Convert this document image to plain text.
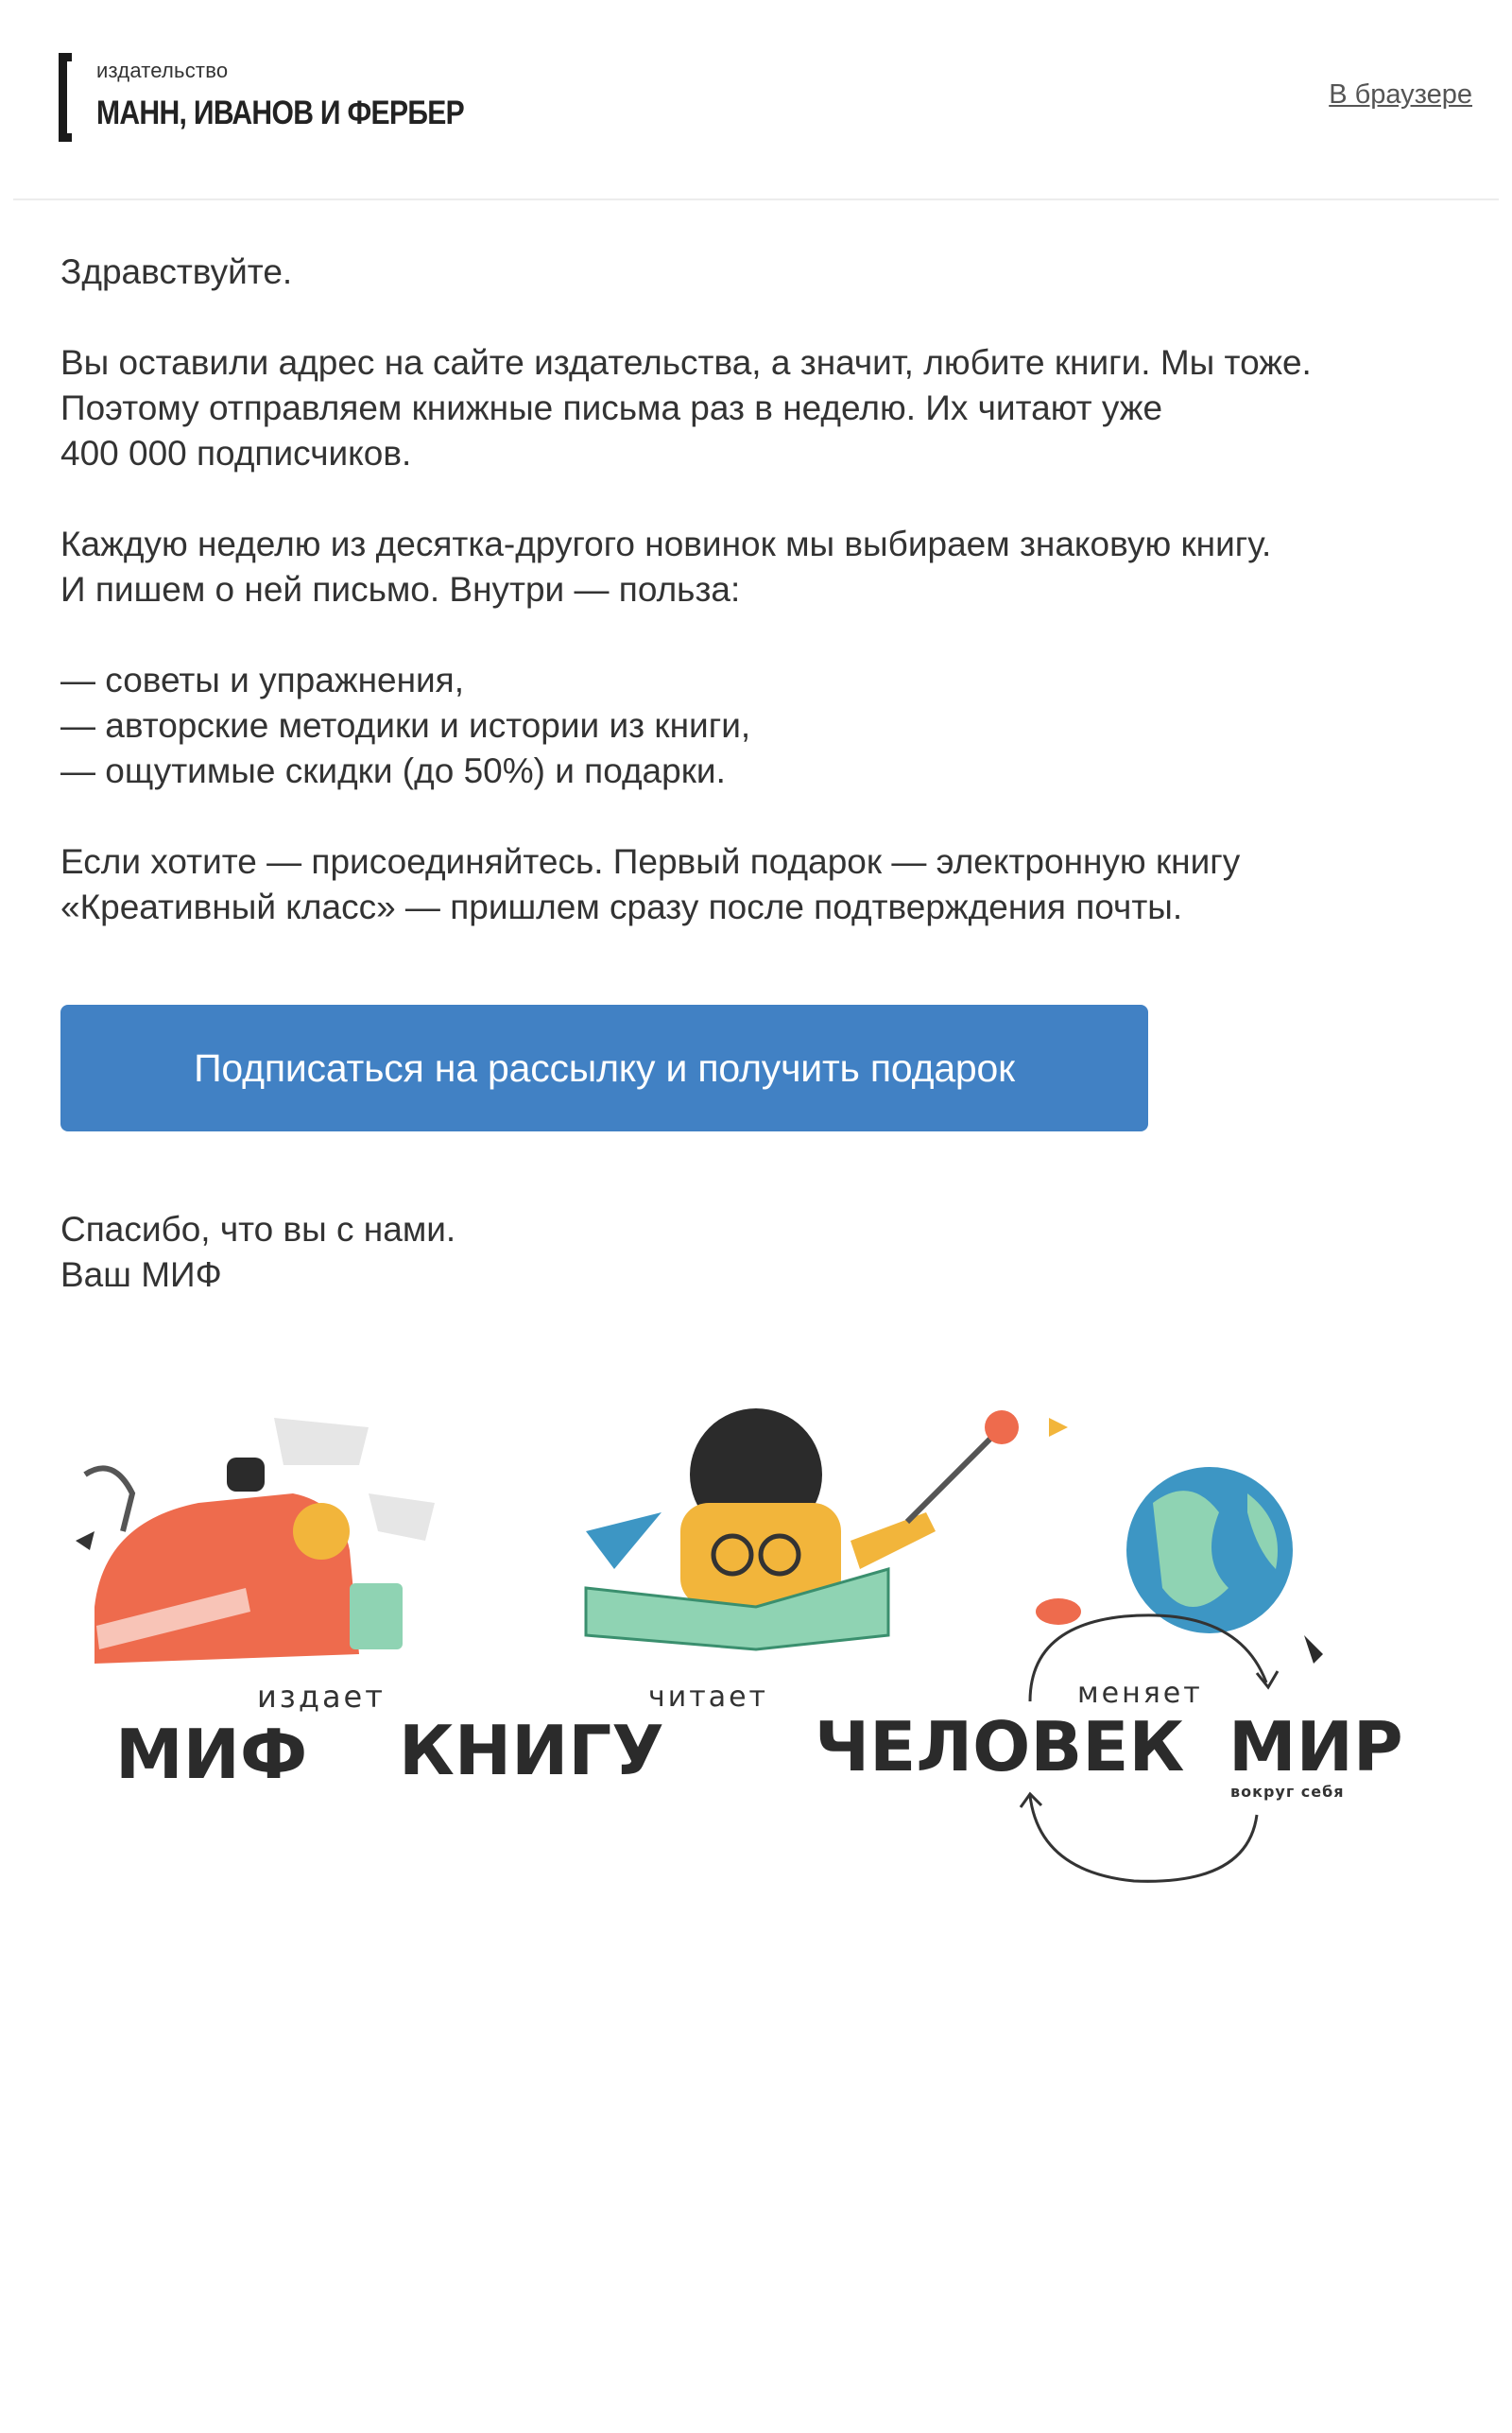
издательство
МАНН, ИВАНОВ И ФЕРБЕР	В браузере

Здравствуйте.

Вы оставили адрес на сайте издательства, а значит, любите книги. Мы тоже.
Поэтому отправляем книжные письма раз в неделю. Их читают уже
400 000 подписчиков.

Каждую неделю из десятка-другого новинок мы выбираем знаковую книгу.
И пишем о ней письмо. Внутри — польза:

— советы и упражнения,
— авторские методики и истории из книги,
— ощутимые скидки (до 50%) и подарки.

Если хотите — присоединяйтесь. Первый подарок — электронную книгу
«Креативный класс» — пришлем сразу после подтверждения почты.

Подписаться на рассылку и получить подарок
Спасибо, что вы с нами.
Ваш МИФ
издает	читает	меняет
МИФ КНИГУ ЧЕЛОВЕК МИР
вокруг себя
